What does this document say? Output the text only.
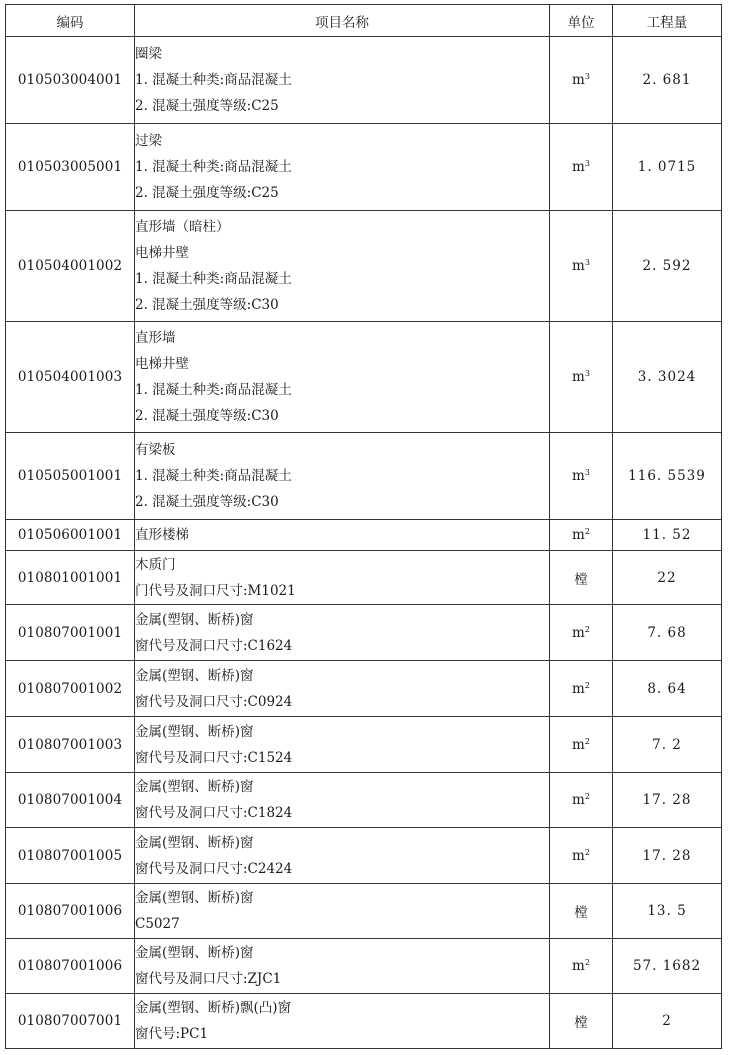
编码	项目名称	单位	工程量
010503004001	圈梁
1. 混凝土种类:商品混凝土
2. 混凝土强度等级:C25	$m^3$	2. 681
010503005001	过梁
1. 混凝土种类:商品混凝土
2. 混凝土强度等级:C25	$m^3$	1. 0715
010504001002	直形墙（暗柱）
电梯井壁
1. 混凝土种类:商品混凝土
2. 混凝土强度等级:C30	$m^3$	2. 592
010504001003	直形墙
电梯井壁
1. 混凝土种类:商品混凝土
2. 混凝土强度等级:C30	$m^3$	3. 3024
010505001001	有梁板
1. 混凝土种类:商品混凝土
2. 混凝土强度等级:C30	$m^3$	116. 5539
010506001001	直形楼梯	$m^2$	11. 52
010801001001	木质门
门代号及洞口尺寸:M1021	樘	22
010807001001	金属(塑钢、断桥)窗
窗代号及洞口尺寸:C1624	$m^2$	7. 68
010807001002	金属(塑钢、断桥)窗
窗代号及洞口尺寸:C0924	$m^2$	8. 64
010807001003	金属(塑钢、断桥)窗
窗代号及洞口尺寸:C1524	$m^2$	7. 2
010807001004	金属(塑钢、断桥)窗
窗代号及洞口尺寸:C1824	$m^2$	17. 28
010807001005	金属(塑钢、断桥)窗
窗代号及洞口尺寸:C2424	$m^2$	17. 28
010807001006	金属(塑钢、断桥)窗
C5027	樘	13. 5
010807001006	金属(塑钢、断桥)窗
窗代号及洞口尺寸:ZJC1	$m^2$	57. 1682
010807007001	金属(塑钢、断桥)飘(凸)窗
窗代号:PC1	樘	2
